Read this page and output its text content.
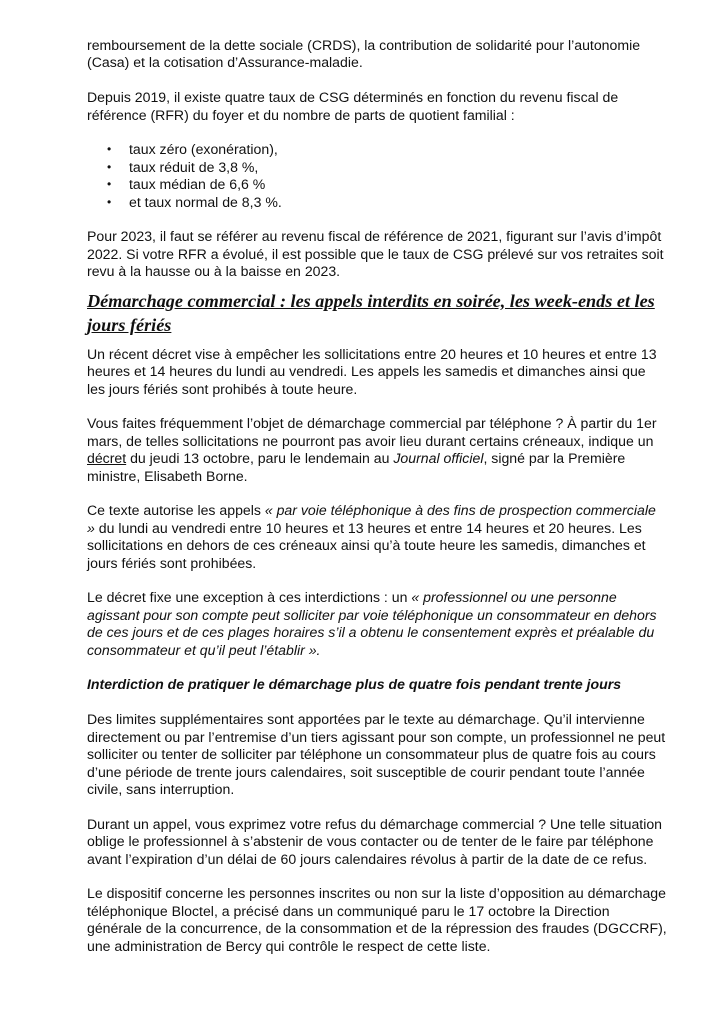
remboursement de la dette sociale (CRDS), la contribution de solidarité pour l’autonomie (Casa) et la cotisation d’Assurance-maladie.

Depuis 2019, il existe quatre taux de CSG déterminés en fonction du revenu fiscal de référence (RFR) du foyer et du nombre de parts de quotient familial :

• taux zéro (exonération),
• taux réduit de 3,8 %,
• taux médian de 6,6 %
• et taux normal de 8,3 %.

Pour 2023, il faut se référer au revenu fiscal de référence de 2021, figurant sur l’avis d’impôt 2022. Si votre RFR a évolué, il est possible que le taux de CSG prélevé sur vos retraites soit revu à la hausse ou à la baisse en 2023.

Démarchage commercial : les appels interdits en soirée, les week-ends et les jours fériés

Un récent décret vise à empêcher les sollicitations entre 20 heures et 10 heures et entre 13 heures et 14 heures du lundi au vendredi. Les appels les samedis et dimanches ainsi que les jours fériés sont prohibés à toute heure.

Vous faites fréquemment l’objet de démarchage commercial par téléphone ? À partir du 1er mars, de telles sollicitations ne pourront pas avoir lieu durant certains créneaux, indique un décret du jeudi 13 octobre, paru le lendemain au Journal officiel, signé par la Première ministre, Elisabeth Borne.

Ce texte autorise les appels « par voie téléphonique à des fins de prospection commerciale » du lundi au vendredi entre 10 heures et 13 heures et entre 14 heures et 20 heures. Les sollicitations en dehors de ces créneaux ainsi qu’à toute heure les samedis, dimanches et jours fériés sont prohibées.

Le décret fixe une exception à ces interdictions : un « professionnel ou une personne agissant pour son compte peut solliciter par voie téléphonique un consommateur en dehors de ces jours et de ces plages horaires s’il a obtenu le consentement exprès et préalable du consommateur et qu’il peut l’établir ».

Interdiction de pratiquer le démarchage plus de quatre fois pendant trente jours

Des limites supplémentaires sont apportées par le texte au démarchage. Qu’il intervienne directement ou par l’entremise d’un tiers agissant pour son compte, un professionnel ne peut solliciter ou tenter de solliciter par téléphone un consommateur plus de quatre fois au cours d’une période de trente jours calendaires, soit susceptible de courir pendant toute l’année civile, sans interruption.

Durant un appel, vous exprimez votre refus du démarchage commercial ? Une telle situation oblige le professionnel à s’abstenir de vous contacter ou de tenter de le faire par téléphone avant l’expiration d’un délai de 60 jours calendaires révolus à partir de la date de ce refus.

Le dispositif concerne les personnes inscrites ou non sur la liste d’opposition au démarchage téléphonique Bloctel, a précisé dans un communiqué paru le 17 octobre la Direction générale de la concurrence, de la consommation et de la répression des fraudes (DGCCRF), une administration de Bercy qui contrôle le respect de cette liste.
